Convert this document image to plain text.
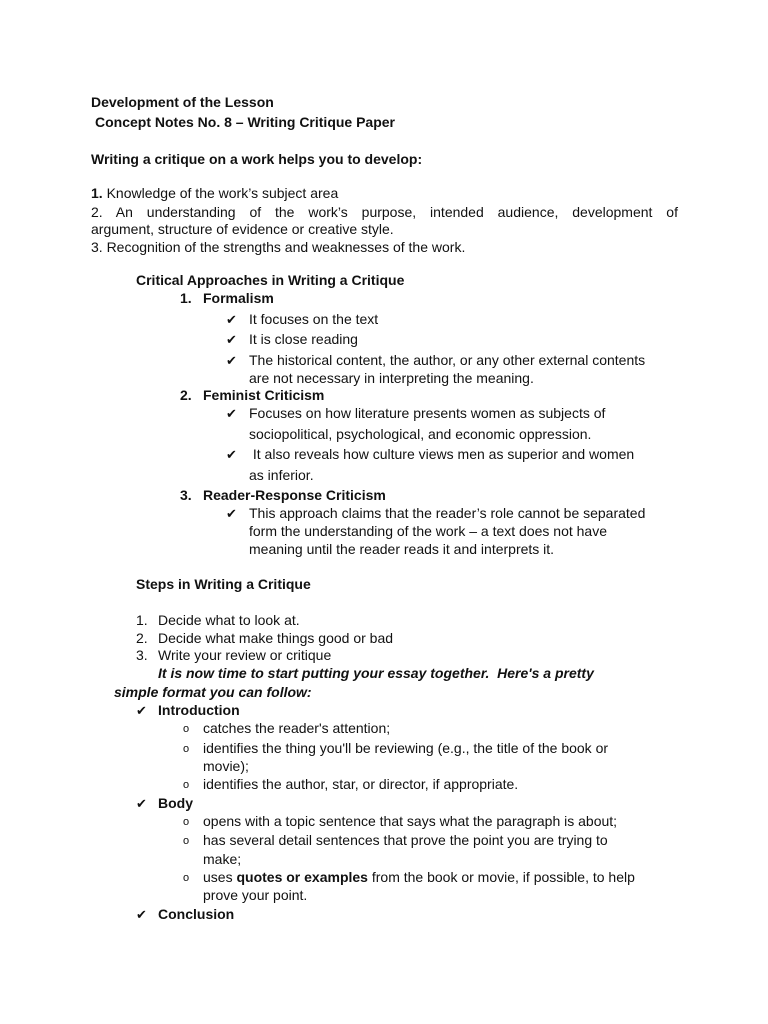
Development of the Lesson
Concept Notes No. 8 – Writing Critique Paper
Writing a critique on a work helps you to develop:
1. Knowledge of the work’s subject area
2. An understanding of the work’s purpose, intended audience, development of
argument, structure of evidence or creative style.
3. Recognition of the strengths and weaknesses of the work.
Critical Approaches in Writing a Critique
1. Formalism
✔ It focuses on the text
✔ It is close reading
✔ The historical content, the author, or any other external contents
are not necessary in interpreting the meaning.
2. Feminist Criticism
✔ Focuses on how literature presents women as subjects of
sociopolitical, psychological, and economic oppression.
✔ It also reveals how culture views men as superior and women
as inferior.
3. Reader-Response Criticism
✔ This approach claims that the reader’s role cannot be separated
form the understanding of the work – a text does not have
meaning until the reader reads it and interprets it.
Steps in Writing a Critique
1. Decide what to look at.
2. Decide what make things good or bad
3. Write your review or critique
It is now time to start putting your essay together.  Here's a pretty
simple format you can follow:
✔ Introduction
o catches the reader's attention;
o identifies the thing you'll be reviewing (e.g., the title of the book or
movie);
o identifies the author, star, or director, if appropriate.
✔ Body
o opens with a topic sentence that says what the paragraph is about;
o has several detail sentences that prove the point you are trying to
make;
o uses quotes or examples from the book or movie, if possible, to help
prove your point.
✔ Conclusion
